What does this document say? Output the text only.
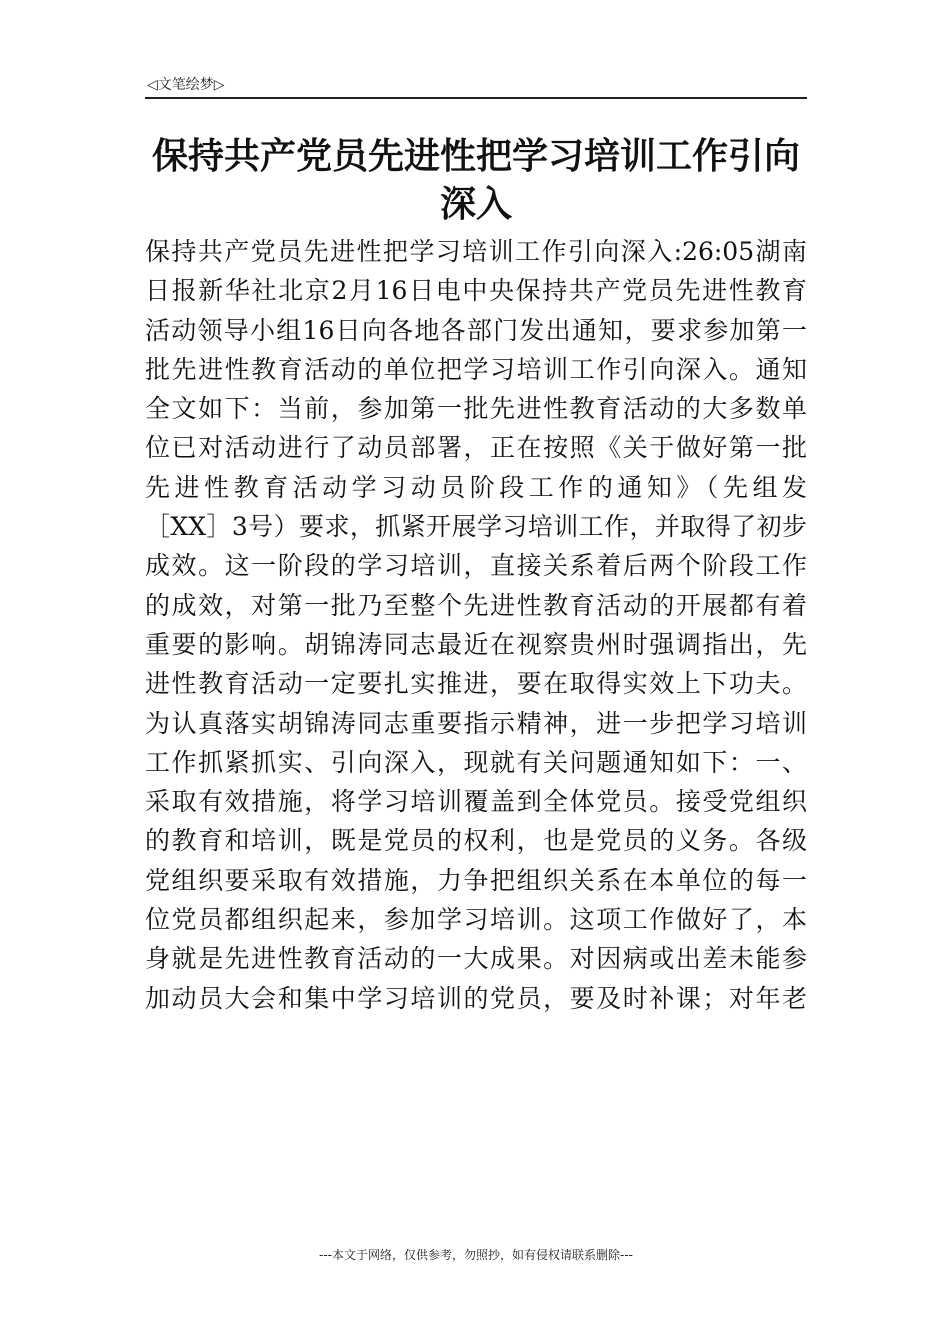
◁文笔绘梦▷
保持共产党员先进性把学习培训工作引向深入
保持共产党员先进性把学习培训工作引向深入:26:05湖南
日报新华社北京2月16日电中央保持共产党员先进性教育
活动领导小组16日向各地各部门发出通知，要求参加第一
批先进性教育活动的单位把学习培训工作引向深入。通知
全文如下：当前，参加第一批先进性教育活动的大多数单
位已对活动进行了动员部署，正在按照《关于做好第一批
先进性教育活动学习动员阶段工作的通知》（先组发
［XX］3号）要求，抓紧开展学习培训工作，并取得了初步
成效。这一阶段的学习培训，直接关系着后两个阶段工作
的成效，对第一批乃至整个先进性教育活动的开展都有着
重要的影响。胡锦涛同志最近在视察贵州时强调指出，先
进性教育活动一定要扎实推进，要在取得实效上下功夫。
为认真落实胡锦涛同志重要指示精神，进一步把学习培训
工作抓紧抓实、引向深入，现就有关问题通知如下：一、
采取有效措施，将学习培训覆盖到全体党员。接受党组织
的教育和培训，既是党员的权利，也是党员的义务。各级
党组织要采取有效措施，力争把组织关系在本单位的每一
位党员都组织起来，参加学习培训。这项工作做好了，本
身就是先进性教育活动的一大成果。对因病或出差未能参
加动员大会和集中学习培训的党员，要及时补课；对年老
---本文于网络，仅供参考，勿照抄，如有侵权请联系删除---
